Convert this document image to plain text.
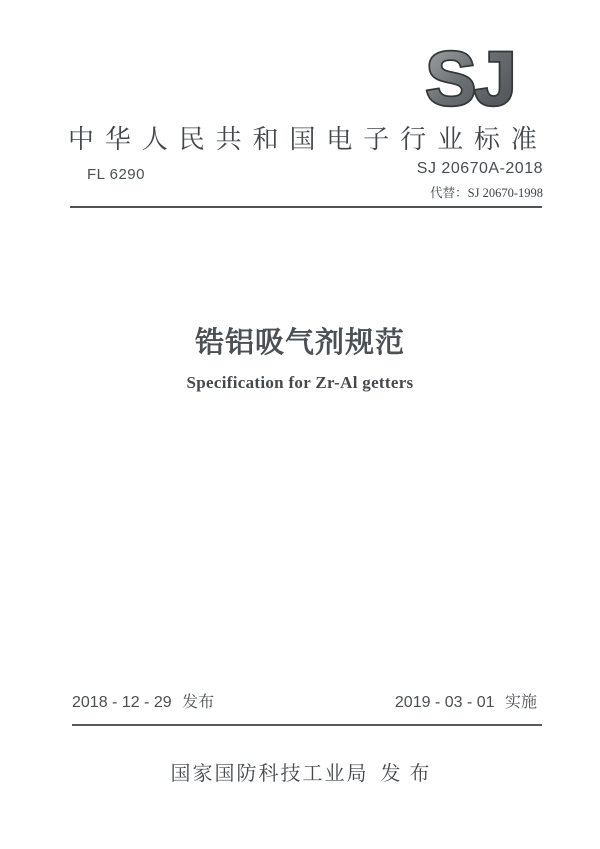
SJ
中 华 人 民 共 和 国 电 子 行 业 标 准
FL 6290	SJ 20670A-2018
代替：SJ 20670-1998
锆铝吸气剂规范
Specification for Zr-Al getters
2018 - 12 - 29 发布	2019 - 03 - 01 实施
国家国防科技工业局 发布
